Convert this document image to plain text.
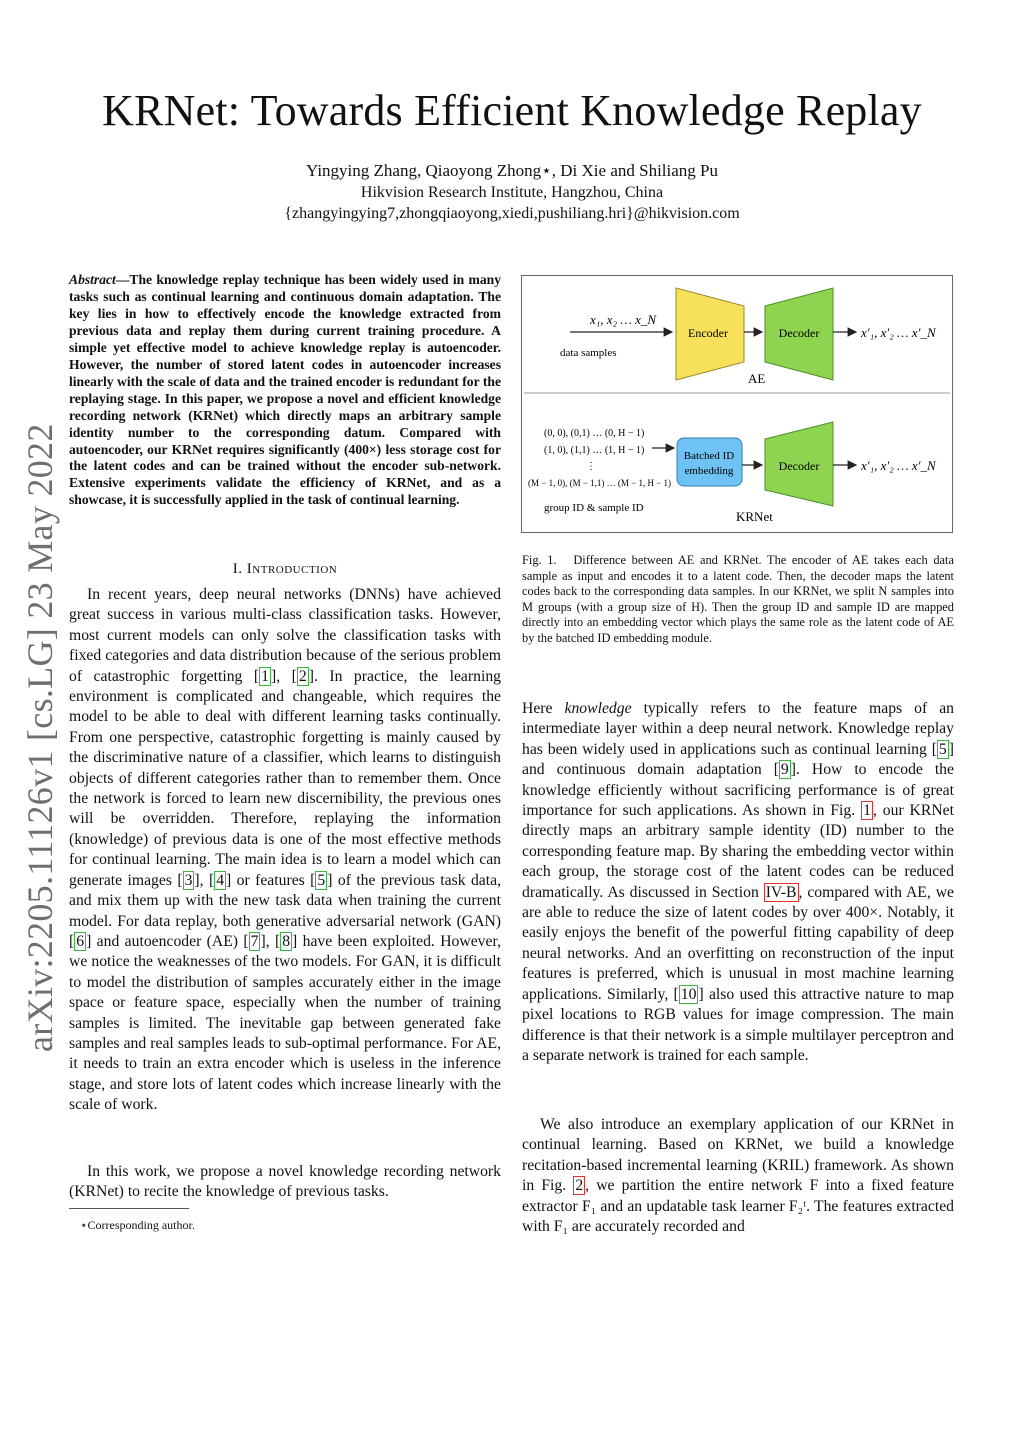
arXiv:2205.11126v1 [cs.LG] 23 May 2022
KRNet: Towards Efficient Knowledge Replay
Yingying Zhang, Qiaoyong Zhong⋆, Di Xie and Shiliang Pu
Hikvision Research Institute, Hangzhou, China
{zhangyingying7,zhongqiaoyong,xiedi,pushiliang.hri}@hikvision.com
Abstract—The knowledge replay technique has been widely used in many tasks such as continual learning and continuous domain adaptation. The key lies in how to effectively encode the knowledge extracted from previous data and replay them during current training procedure. A simple yet effective model to achieve knowledge replay is autoencoder. However, the number of stored latent codes in autoencoder increases linearly with the scale of data and the trained encoder is redundant for the replaying stage. In this paper, we propose a novel and efficient knowledge recording network (KRNet) which directly maps an arbitrary sample identity number to the corresponding datum. Compared with autoencoder, our KRNet requires significantly (400×) less storage cost for the latent codes and can be trained without the encoder sub-network. Extensive experiments validate the efficiency of KRNet, and as a showcase, it is successfully applied in the task of continual learning.
I. Introduction
In recent years, deep neural networks (DNNs) have achieved great success in various multi-class classification tasks. However, most current models can only solve the classification tasks with fixed categories and data distribution because of the serious problem of catastrophic forgetting [ 1 ], [ 2 ]. In practice, the learning environment is complicated and changeable, which requires the model to be able to deal with different learning tasks continually. From one perspective, catastrophic forgetting is mainly caused by the discriminative nature of a classifier, which learns to distinguish objects of different categories rather than to remember them. Once the network is forced to learn new discernibility, the previous ones will be overridden. Therefore, replaying the information (knowledge) of previous data is one of the most effective methods for continual learning. The main idea is to learn a model which can generate images [ 3 ], [ 4 ] or features [ 5 ] of the previous task data, and mix them up with the new task data when training the current model. For data replay, both generative adversarial network (GAN) [ 6 ] and autoencoder (AE) [ 7 ], [ 8 ] have been exploited. However, we notice the weaknesses of the two models. For GAN, it is difficult to model the distribution of samples accurately either in the image space or feature space, especially when the number of training samples is limited. The inevitable gap between generated fake samples and real samples leads to sub-optimal performance. For AE, it needs to train an extra encoder which is useless in the inference stage, and store lots of latent codes which increase linearly with the scale of work.
In this work, we propose a novel knowledge recording network (KRNet) to recite the knowledge of previous tasks.
⋆Corresponding author.
x₁, x₂ … x_N
data samples
Encoder	Decoder	x′₁, x′₂ … x′_N
AE
(0, 0), (0,1) … (0, H − 1)
(1, 0), (1,1) … (1, H − 1)
⋮
(M − 1, 0), (M − 1,1) … (M − 1, H − 1)
group ID & sample ID
Batched ID
embedding	Decoder	x′₁, x′₂ … x′_N
KRNet
Fig. 1. Difference between AE and KRNet. The encoder of AE takes each data sample as input and encodes it to a latent code. Then, the decoder maps the latent codes back to the corresponding data samples. In our KRNet, we split N samples into M groups (with a group size of H). Then the group ID and sample ID are mapped directly into an embedding vector which plays the same role as the latent code of AE by the batched ID embedding module.
Here knowledge typically refers to the feature maps of an intermediate layer within a deep neural network. Knowledge replay has been widely used in applications such as continual learning [ 5 ] and continuous domain adaptation [ 9 ]. How to encode the knowledge efficiently without sacrificing performance is of great importance for such applications. As shown in Fig. 1 , our KRNet directly maps an arbitrary sample identity (ID) number to the corresponding feature map. By sharing the embedding vector within each group, the storage cost of the latent codes can be reduced dramatically. As discussed in Section IV-B , compared with AE, we are able to reduce the size of latent codes by over 400×. Notably, it easily enjoys the benefit of the powerful fitting capability of deep neural networks. And an overfitting on reconstruction of the input features is preferred, which is unusual in most machine learning applications. Similarly, [ 10 ] also used this attractive nature to map pixel locations to RGB values for image compression. The main difference is that their network is a simple multilayer perceptron and a separate network is trained for each sample.
We also introduce an exemplary application of our KRNet in continual learning. Based on KRNet, we build a knowledge recitation-based incremental learning (KRIL) framework. As shown in Fig. 2 , we partition the entire network F into a fixed feature extractor F₁ and an updatable task learner F₂ᵗ. The features extracted with F₁ are accurately recorded and
